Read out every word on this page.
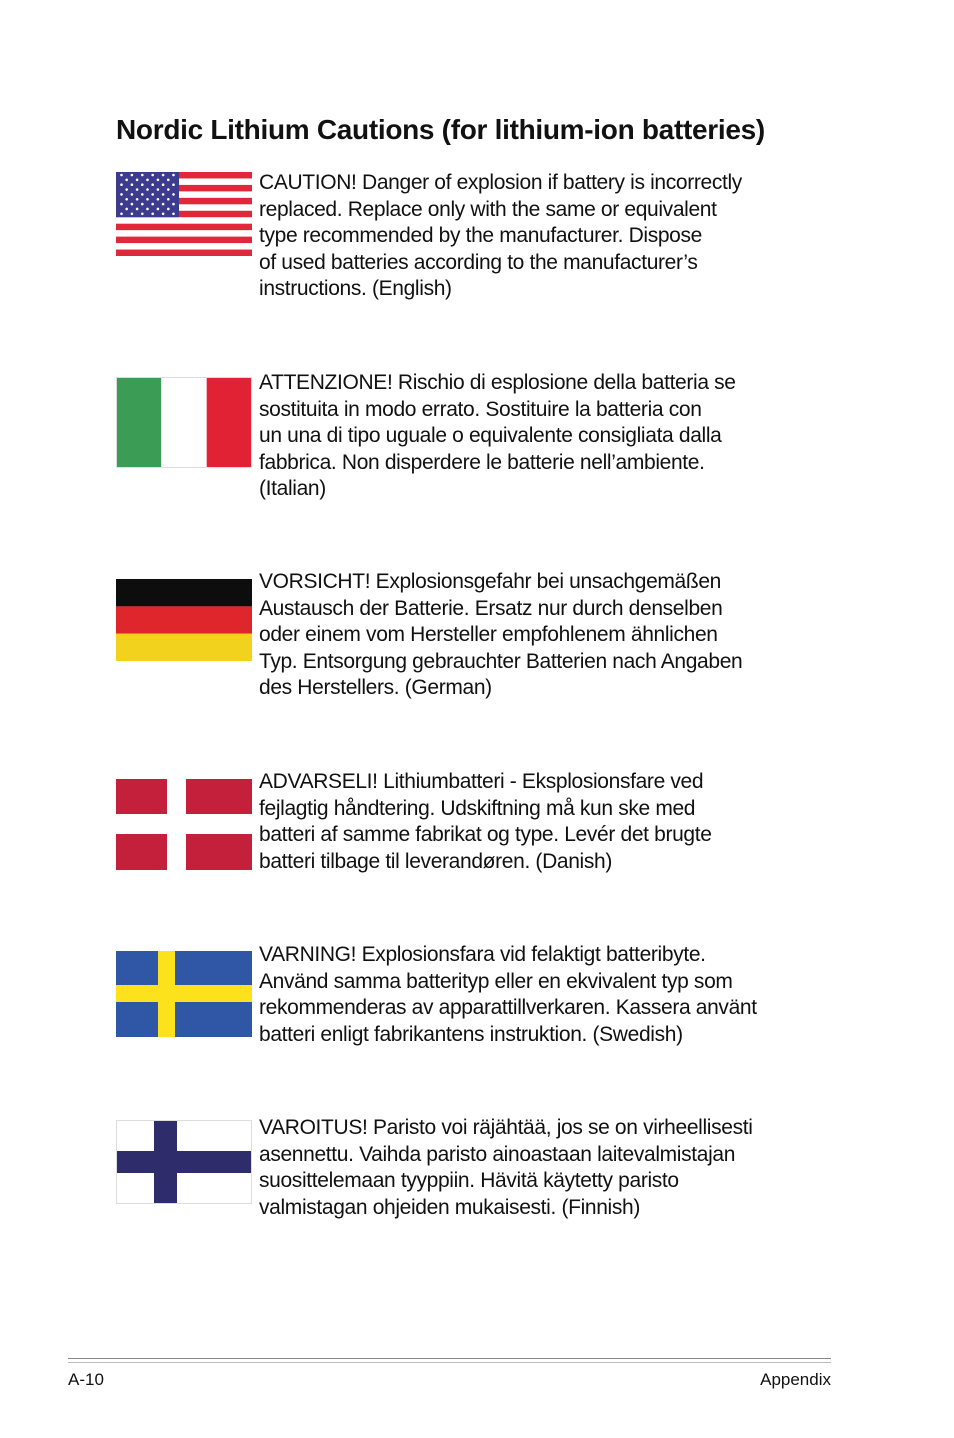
Nordic Lithium Cautions (for lithium-ion batteries)
CAUTION! Danger of explosion if battery is incorrectly
replaced. Replace only with the same or equivalent
type recommended by the manufacturer. Dispose
of used batteries according to the manufacturer’s
instructions. (English)
ATTENZIONE! Rischio di esplosione della batteria se
sostituita in modo errato. Sostituire la batteria con
un una di tipo uguale o equivalente consigliata dalla
fabbrica. Non disperdere le batterie nell’ambiente.
(Italian)
VORSICHT! Explosionsgefahr bei unsachgemäßen
Austausch der Batterie. Ersatz nur durch denselben
oder einem vom Hersteller empfohlenem ähnlichen
Typ. Entsorgung gebrauchter Batterien nach Angaben
des Herstellers. (German)
ADVARSELI! Lithiumbatteri - Eksplosionsfare ved
fejlagtig håndtering. Udskiftning må kun ske med
batteri af samme fabrikat og type. Levér det brugte
batteri tilbage til leverandøren. (Danish)
VARNING! Explosionsfara vid felaktigt batteribyte.
Använd samma batterityp eller en ekvivalent typ som
rekommenderas av apparattillverkaren. Kassera använt
batteri enligt fabrikantens instruktion. (Swedish)
VAROITUS! Paristo voi räjähtää, jos se on virheellisesti
asennettu. Vaihda paristo ainoastaan laitevalmistajan
suosittelemaan tyyppiin. Hävitä käytetty paristo
valmistagan ohjeiden mukaisesti. (Finnish)
A-10	Appendix
